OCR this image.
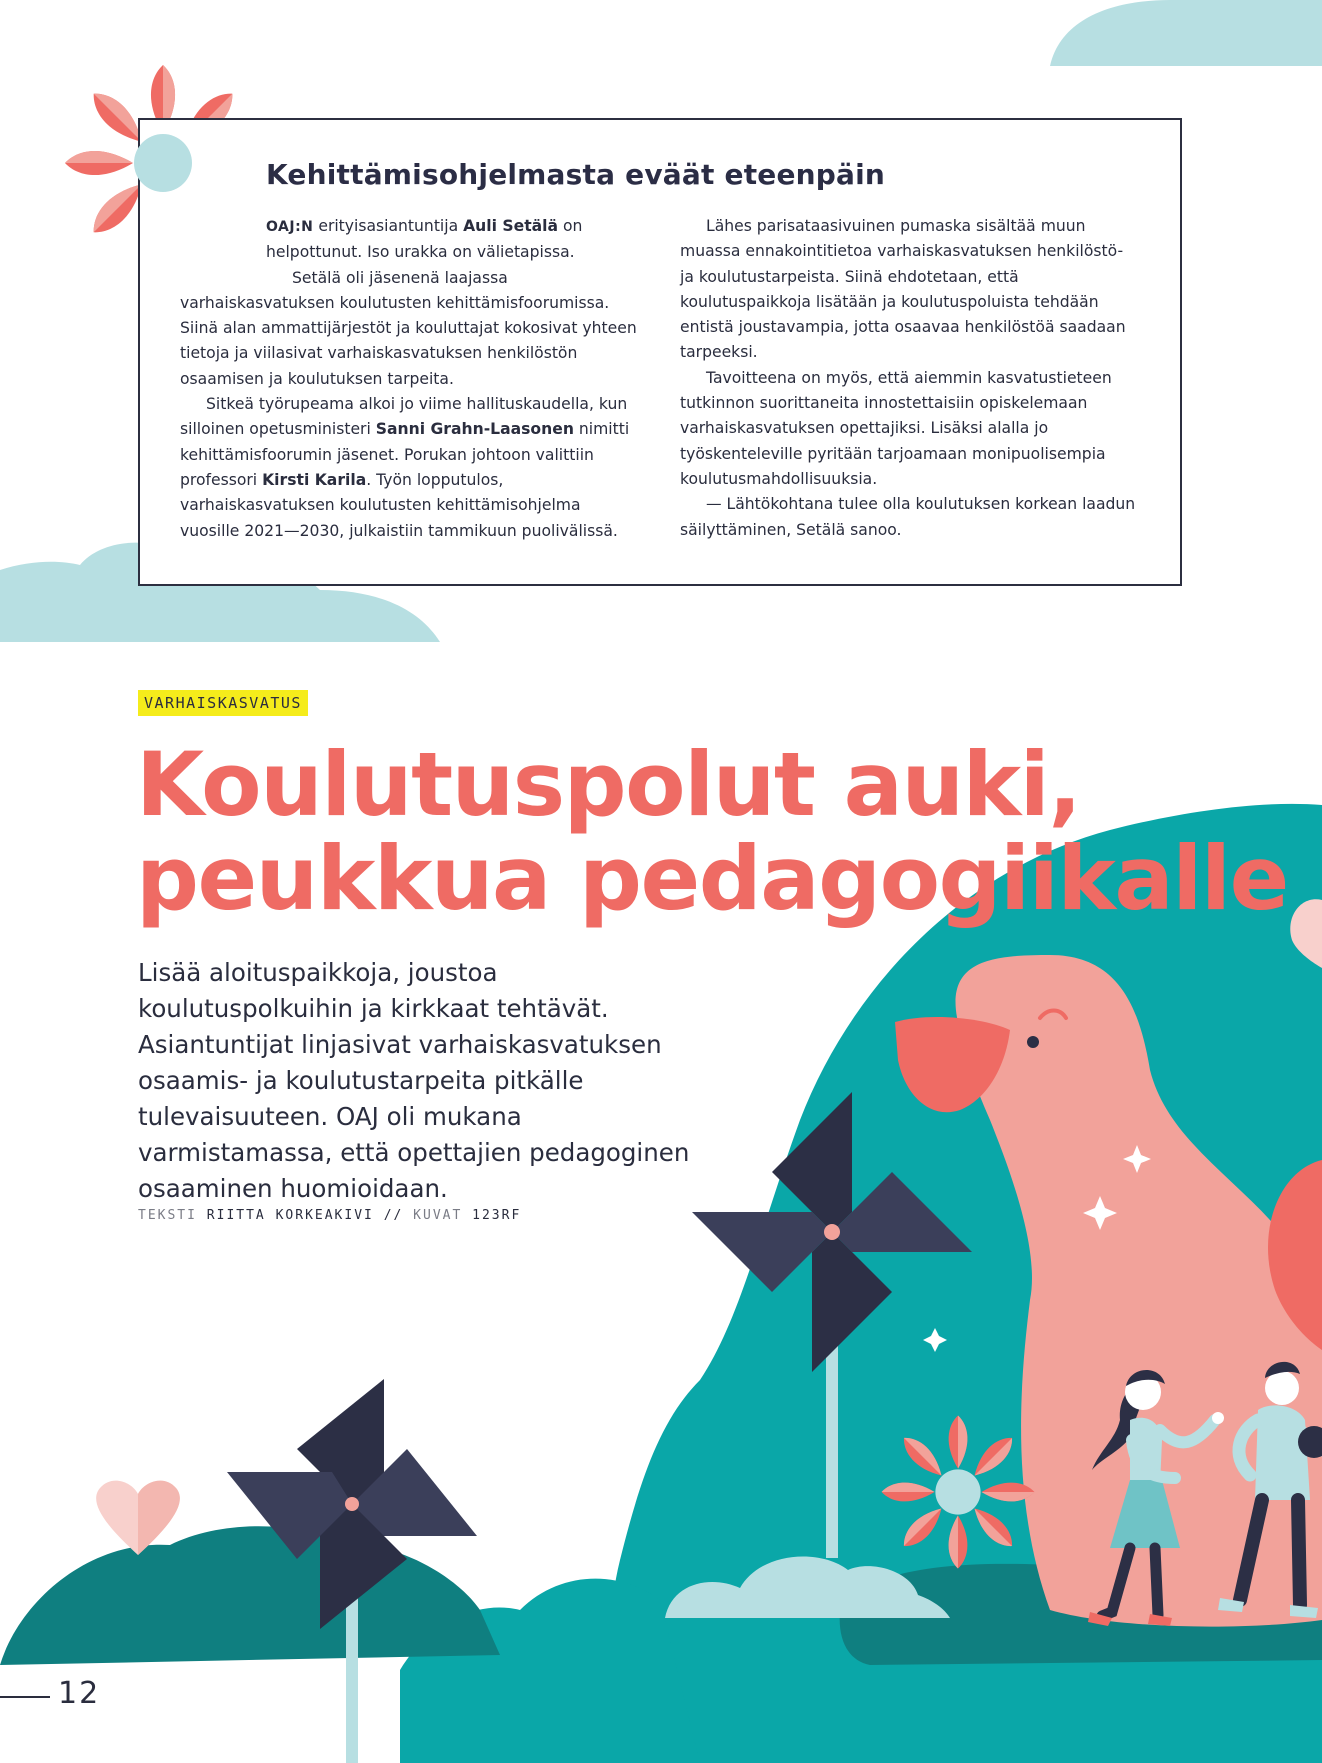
Kehittämisohjelmasta eväät eteenpäin

OAJ:N erityisasiantuntija Auli Setälä on helpottunut. Iso urakka on välietapissa.

Setälä oli jäsenenä laajassa varhaiskasvatuksen koulutusten kehittämisfoorumissa. Siinä alan ammattijärjestöt ja kouluttajat kokosivat yhteen tietoja ja viilasivat varhaiskasvatuksen henkilöstön osaamisen ja koulutuksen tarpeita.

Sitkeä työrupeama alkoi jo viime hallituskaudella, kun silloinen opetusministeri Sanni Grahn-Laasonen nimitti kehittämisfoorumin jäsenet. Porukan johtoon valittiin professori Kirsti Karila. Työn lopputulos, varhaiskasvatuksen koulutusten kehittämisohjelma vuosille 2021—2030, julkaistiin tammikuun puolivälissä.

Lähes parisataasivuinen pumaska sisältää muun muassa ennakointitietoa varhaiskasvatuksen henkilöstö- ja koulutustarpeista. Siinä ehdotetaan, että koulutuspaikkoja lisätään ja koulutuspoluista tehdään entistä joustavampia, jotta osaavaa henkilöstöä saadaan tarpeeksi.

Tavoitteena on myös, että aiemmin kasvatustieteen tutkinnon suorittaneita innostettaisiin opiskelemaan varhaiskasvatuksen opettajiksi. Lisäksi alalla jo työskenteleville pyritään tarjoamaan monipuolisempia koulutusmahdollisuuksia.

— Lähtökohtana tulee olla koulutuksen korkean laadun säilyttäminen, Setälä sanoo.

VARHAISKASVATUS
Koulutuspolut auki,
peukkua pedagogiikalle

Lisää aloituspaikkoja, joustoa koulutuspolkuihin ja kirkkaat tehtävät. Asiantuntijat linjasivat varhaiskasvatuksen osaamis- ja koulutustarpeita pitkälle tulevaisuuteen. OAJ oli mukana varmistamassa, että opettajien pedagoginen osaaminen huomioidaan.

TEKSTI RIITTA KORKEAKIVI // KUVAT 123RF

12
